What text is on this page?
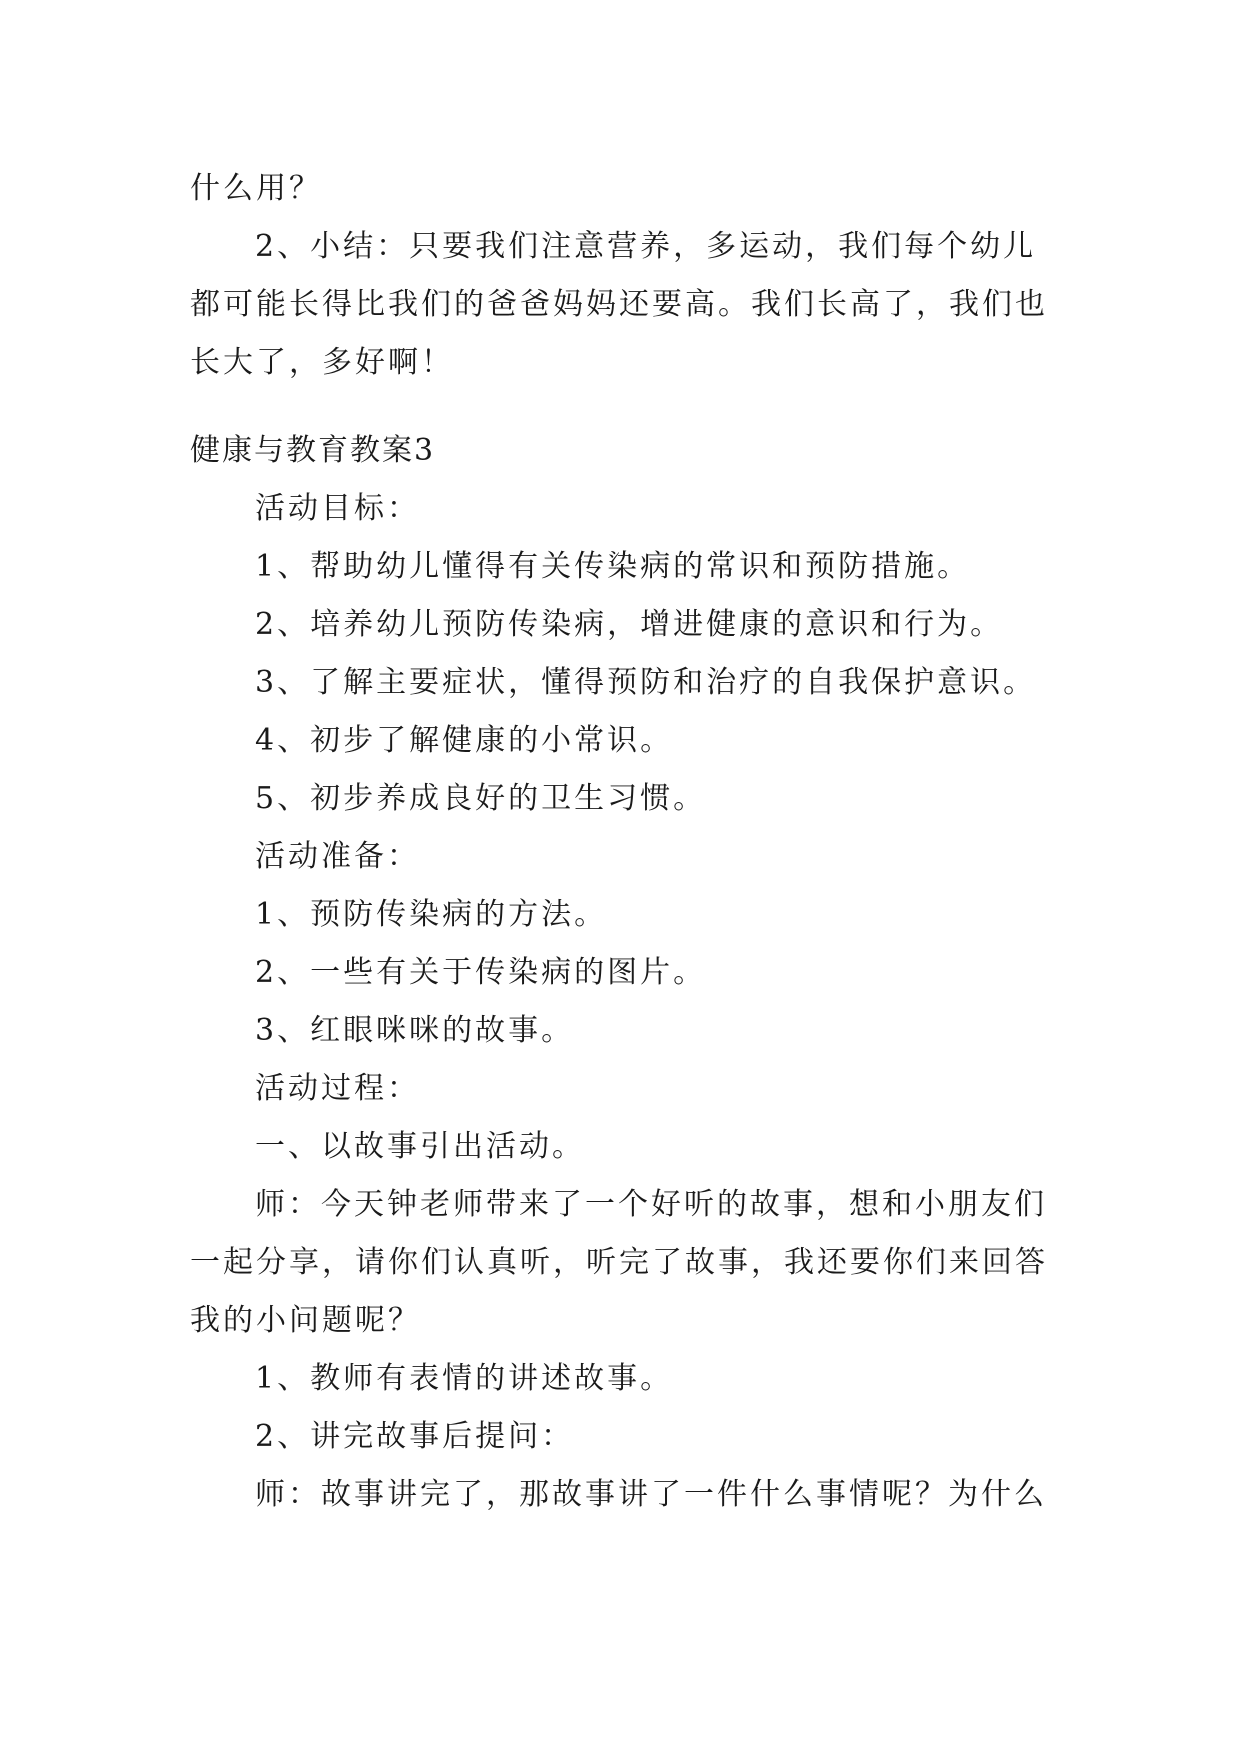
什么用？
2、小结：只要我们注意营养，多运动，我们每个幼儿
都可能长得比我们的爸爸妈妈还要高。我们长高了，我们也
长大了，多好啊！
健康与教育教案3
活动目标：
1、帮助幼儿懂得有关传染病的常识和预防措施。
2、培养幼儿预防传染病，增进健康的意识和行为。
3、了解主要症状，懂得预防和治疗的自我保护意识。
4、初步了解健康的小常识。
5、初步养成良好的卫生习惯。
活动准备：
1、预防传染病的方法。
2、一些有关于传染病的图片。
3、红眼咪咪的故事。
活动过程：
一、以故事引出活动。
师：今天钟老师带来了一个好听的故事，想和小朋友们
一起分享，请你们认真听，听完了故事，我还要你们来回答
我的小问题呢？
1、教师有表情的讲述故事。
2、讲完故事后提问：
师：故事讲完了，那故事讲了一件什么事情呢？为什么
